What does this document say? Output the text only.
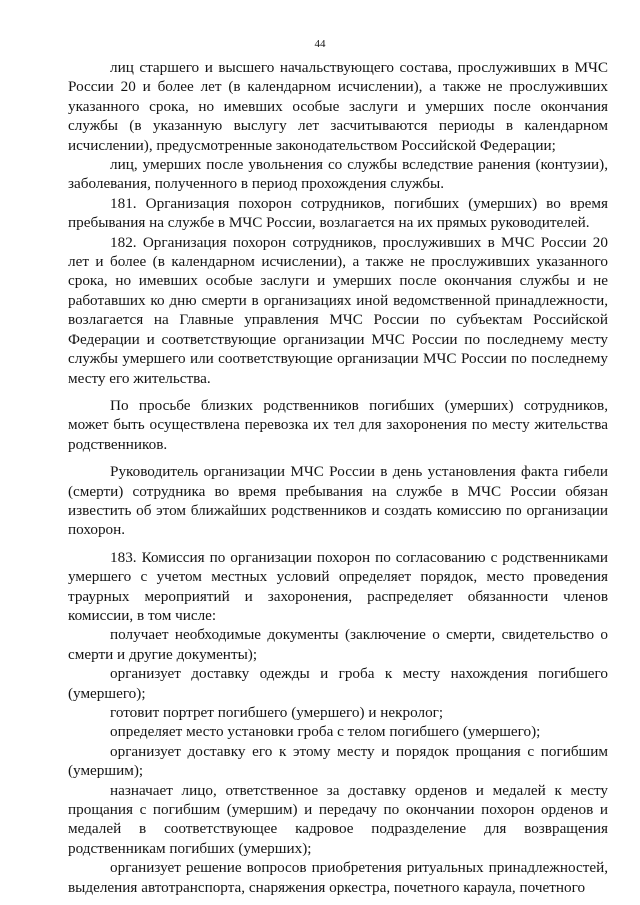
44

лиц старшего и высшего начальствующего состава, прослуживших в МЧС России 20 и более лет (в календарном исчислении), а также не прослуживших указанного срока, но имевших особые заслуги и умерших после окончания службы (в указанную выслугу лет засчитываются периоды в календарном исчислении), предусмотренные законодательством Российской Федерации;

лиц, умерших после увольнения со службы вследствие ранения (контузии), заболевания, полученного в период прохождения службы.

181. Организация похорон сотрудников, погибших (умерших) во время пребывания на службе в МЧС России, возлагается на их прямых руководителей.

182. Организация похорон сотрудников, прослуживших в МЧС России 20 лет и более (в календарном исчислении), а также не прослуживших указанного срока, но имевших особые заслуги и умерших после окончания службы и не работавших ко дню смерти в организациях иной ведомственной принадлежности, возлагается на Главные управления МЧС России по субъектам Российской Федерации и соответствующие организации МЧС России по последнему месту службы умершего или соответствующие организации МЧС России по последнему месту его жительства.

По просьбе близких родственников погибших (умерших) сотрудников, может быть осуществлена перевозка их тел для захоронения по месту жительства родственников.

Руководитель организации МЧС России в день установления факта гибели (смерти) сотрудника во время пребывания на службе в МЧС России обязан известить об этом ближайших родственников и создать комиссию по организации похорон.

183. Комиссия по организации похорон по согласованию с родственниками умершего с учетом местных условий определяет порядок, место проведения траурных мероприятий и захоронения, распределяет обязанности членов комиссии, в том числе:

получает необходимые документы (заключение о смерти, свидетельство о смерти и другие документы);

организует доставку одежды и гроба к месту нахождения погибшего (умершего);

готовит портрет погибшего (умершего) и некролог;

определяет место установки гроба с телом погибшего (умершего);

организует доставку его к этому месту и порядок прощания с погибшим (умершим);

назначает лицо, ответственное за доставку орденов и медалей к месту прощания с погибшим (умершим) и передачу по окончании похорон орденов и медалей в соответствующее кадровое подразделение для возвращения родственникам погибших (умерших);

организует решение вопросов приобретения ритуальных принадлежностей, выделения автотранспорта, снаряжения оркестра, почетного караула, почетного
